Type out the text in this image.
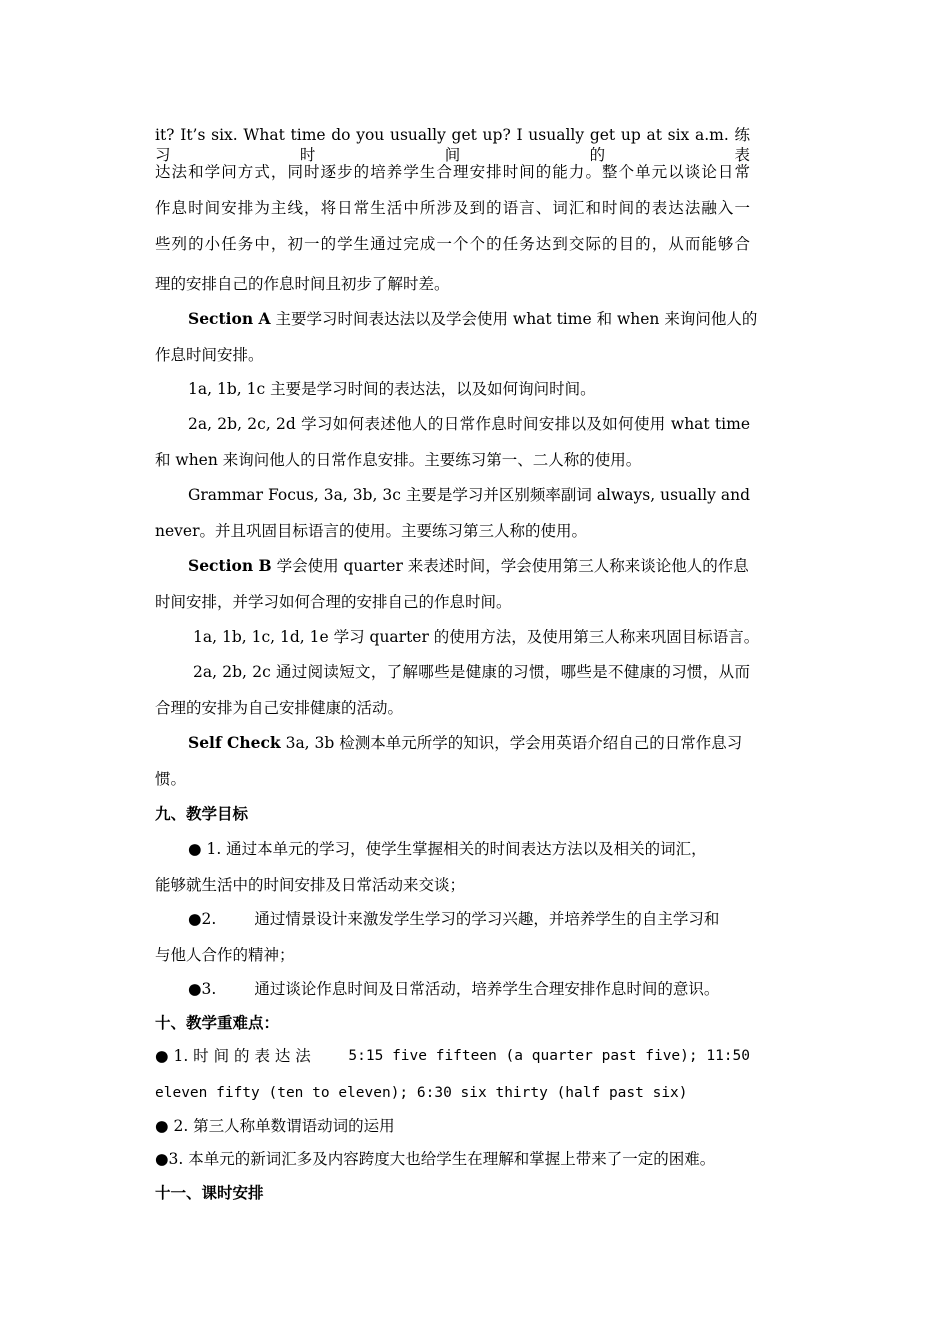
it? It’s six. What time do you usually get up? I usually get up at six a.m. 练习时间的表
达法和学问方式，同时逐步的培养学生合理安排时间的能力。整个单元以谈论日常
作息时间安排为主线，将日常生活中所涉及到的语言、词汇和时间的表达法融入一
些列的小任务中，初一的学生通过完成一个个的任务达到交际的目的，从而能够合
理的安排自己的作息时间且初步了解时差。
Section A 主要学习时间表达法以及学会使用 what time 和 when 来询问他人的
作息时间安排。
1a, 1b, 1c 主要是学习时间的表达法，以及如何询问时间。
2a, 2b, 2c, 2d 学习如何表述他人的日常作息时间安排以及如何使用 what time
和 when 来询问他人的日常作息安排。主要练习第一、二人称的使用。
Grammar Focus, 3a, 3b, 3c 主要是学习并区别频率副词 always, usually and
never。并且巩固目标语言的使用。主要练习第三人称的使用。
Section B 学会使用 quarter 来表述时间，学会使用第三人称来谈论他人的作息
时间安排，并学习如何合理的安排自己的作息时间。
1a, 1b, 1c, 1d, 1e 学习 quarter 的使用方法，及使用第三人称来巩固目标语言。
2a, 2b, 2c 通过阅读短文，了解哪些是健康的习惯，哪些是不健康的习惯，从而
合理的安排为自己安排健康的活动。
Self Check 3a, 3b 检测本单元所学的知识，学会用英语介绍自己的日常作息习
惯。
九、教学目标
● 1. 通过本单元的学习，使学生掌握相关的时间表达方法以及相关的词汇，
能够就生活中的时间安排及日常活动来交谈；
●2. 通过情景设计来激发学生学习的学习兴趣，并培养学生的自主学习和
与他人合作的精神；
●3. 通过谈论作息时间及日常活动，培养学生合理安排作息时间的意识。
十、教学重难点：
● 1. 时 间 的 表 达 法	5:15 five fifteen (a quarter past five); 11:50
eleven fifty (ten to eleven); 6:30 six thirty (half past six)
● 2. 第三人称单数谓语动词的运用
●3. 本单元的新词汇多及内容跨度大也给学生在理解和掌握上带来了一定的困难。
十一、课时安排
